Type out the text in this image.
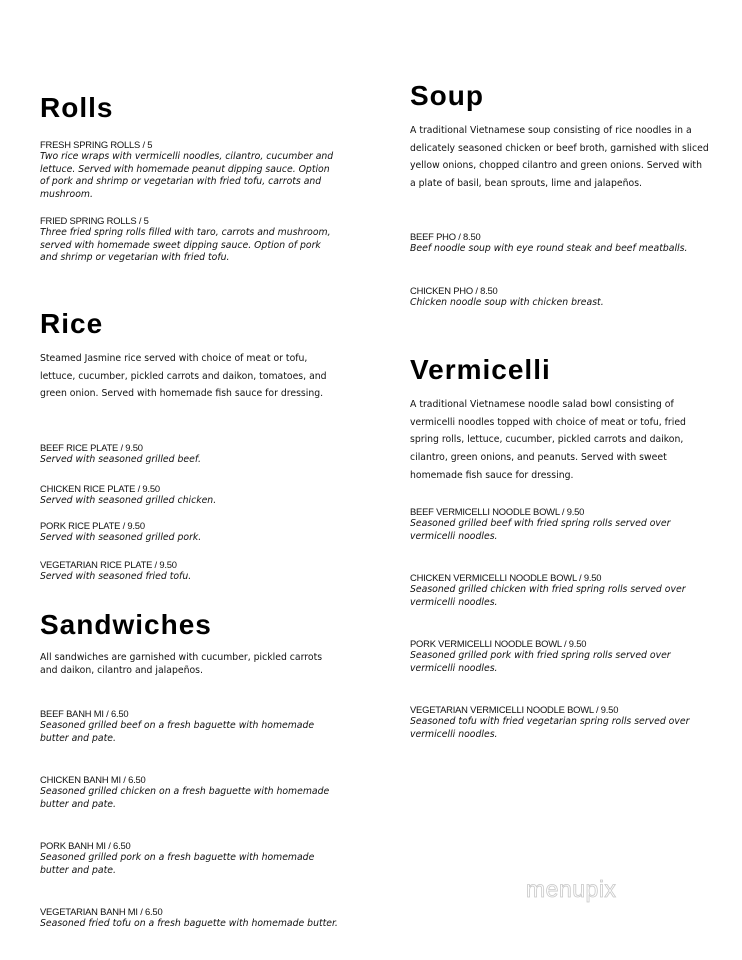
Rolls
FRESH SPRING ROLLS / 5
Two rice wraps with vermicelli noodles, cilantro, cucumber and lettuce. Served with homemade peanut dipping sauce. Option of pork and shrimp or vegetarian with fried tofu, carrots and mushroom.
FRIED SPRING ROLLS / 5
Three fried spring rolls filled with taro, carrots and mushroom, served with homemade sweet dipping sauce. Option of pork and shrimp or vegetarian with fried tofu.
Rice

Steamed Jasmine rice served with choice of meat or tofu, lettuce, cucumber, pickled carrots and daikon, tomatoes, and green onion. Served with homemade fish sauce for dressing.

BEEF RICE PLATE / 9.50
Served with seasoned grilled beef.
CHICKEN RICE PLATE / 9.50
Served with seasoned grilled chicken.
PORK RICE PLATE / 9.50
Served with seasoned grilled pork.
VEGETARIAN RICE PLATE / 9.50
Served with seasoned fried tofu.
Sandwiches

All sandwiches are garnished with cucumber, pickled carrots and daikon, cilantro and jalapeños.

BEEF BANH MI / 6.50
Seasoned grilled beef on a fresh baguette with homemade butter and pate.
CHICKEN BANH MI / 6.50
Seasoned grilled chicken on a fresh baguette with homemade butter and pate.
PORK BANH MI / 6.50
Seasoned grilled pork on a fresh baguette with homemade butter and pate.
VEGETARIAN BANH MI / 6.50
Seasoned fried tofu on a fresh baguette with homemade butter.
Soup

A traditional Vietnamese soup consisting of rice noodles in a delicately seasoned chicken or beef broth, garnished with sliced yellow onions, chopped cilantro and green onions. Served with a plate of basil, bean sprouts, lime and jalapeños.

BEEF PHO / 8.50
Beef noodle soup with eye round steak and beef meatballs.
CHICKEN PHO / 8.50
Chicken noodle soup with chicken breast.
Vermicelli

A traditional Vietnamese noodle salad bowl consisting of vermicelli noodles topped with choice of meat or tofu, fried spring rolls, lettuce, cucumber, pickled carrots and daikon, cilantro, green onions, and peanuts. Served with sweet homemade fish sauce for dressing.

BEEF VERMICELLI NOODLE BOWL / 9.50
Seasoned grilled beef with fried spring rolls served over vermicelli noodles.
CHICKEN VERMICELLI NOODLE BOWL / 9.50
Seasoned grilled chicken with fried spring rolls served over vermicelli noodles.
PORK VERMICELLI NOODLE BOWL / 9.50
Seasoned grilled pork with fried spring rolls served over vermicelli noodles.
VEGETARIAN VERMICELLI NOODLE BOWL / 9.50
Seasoned tofu with fried vegetarian spring rolls served over vermicelli noodles.
menupix
